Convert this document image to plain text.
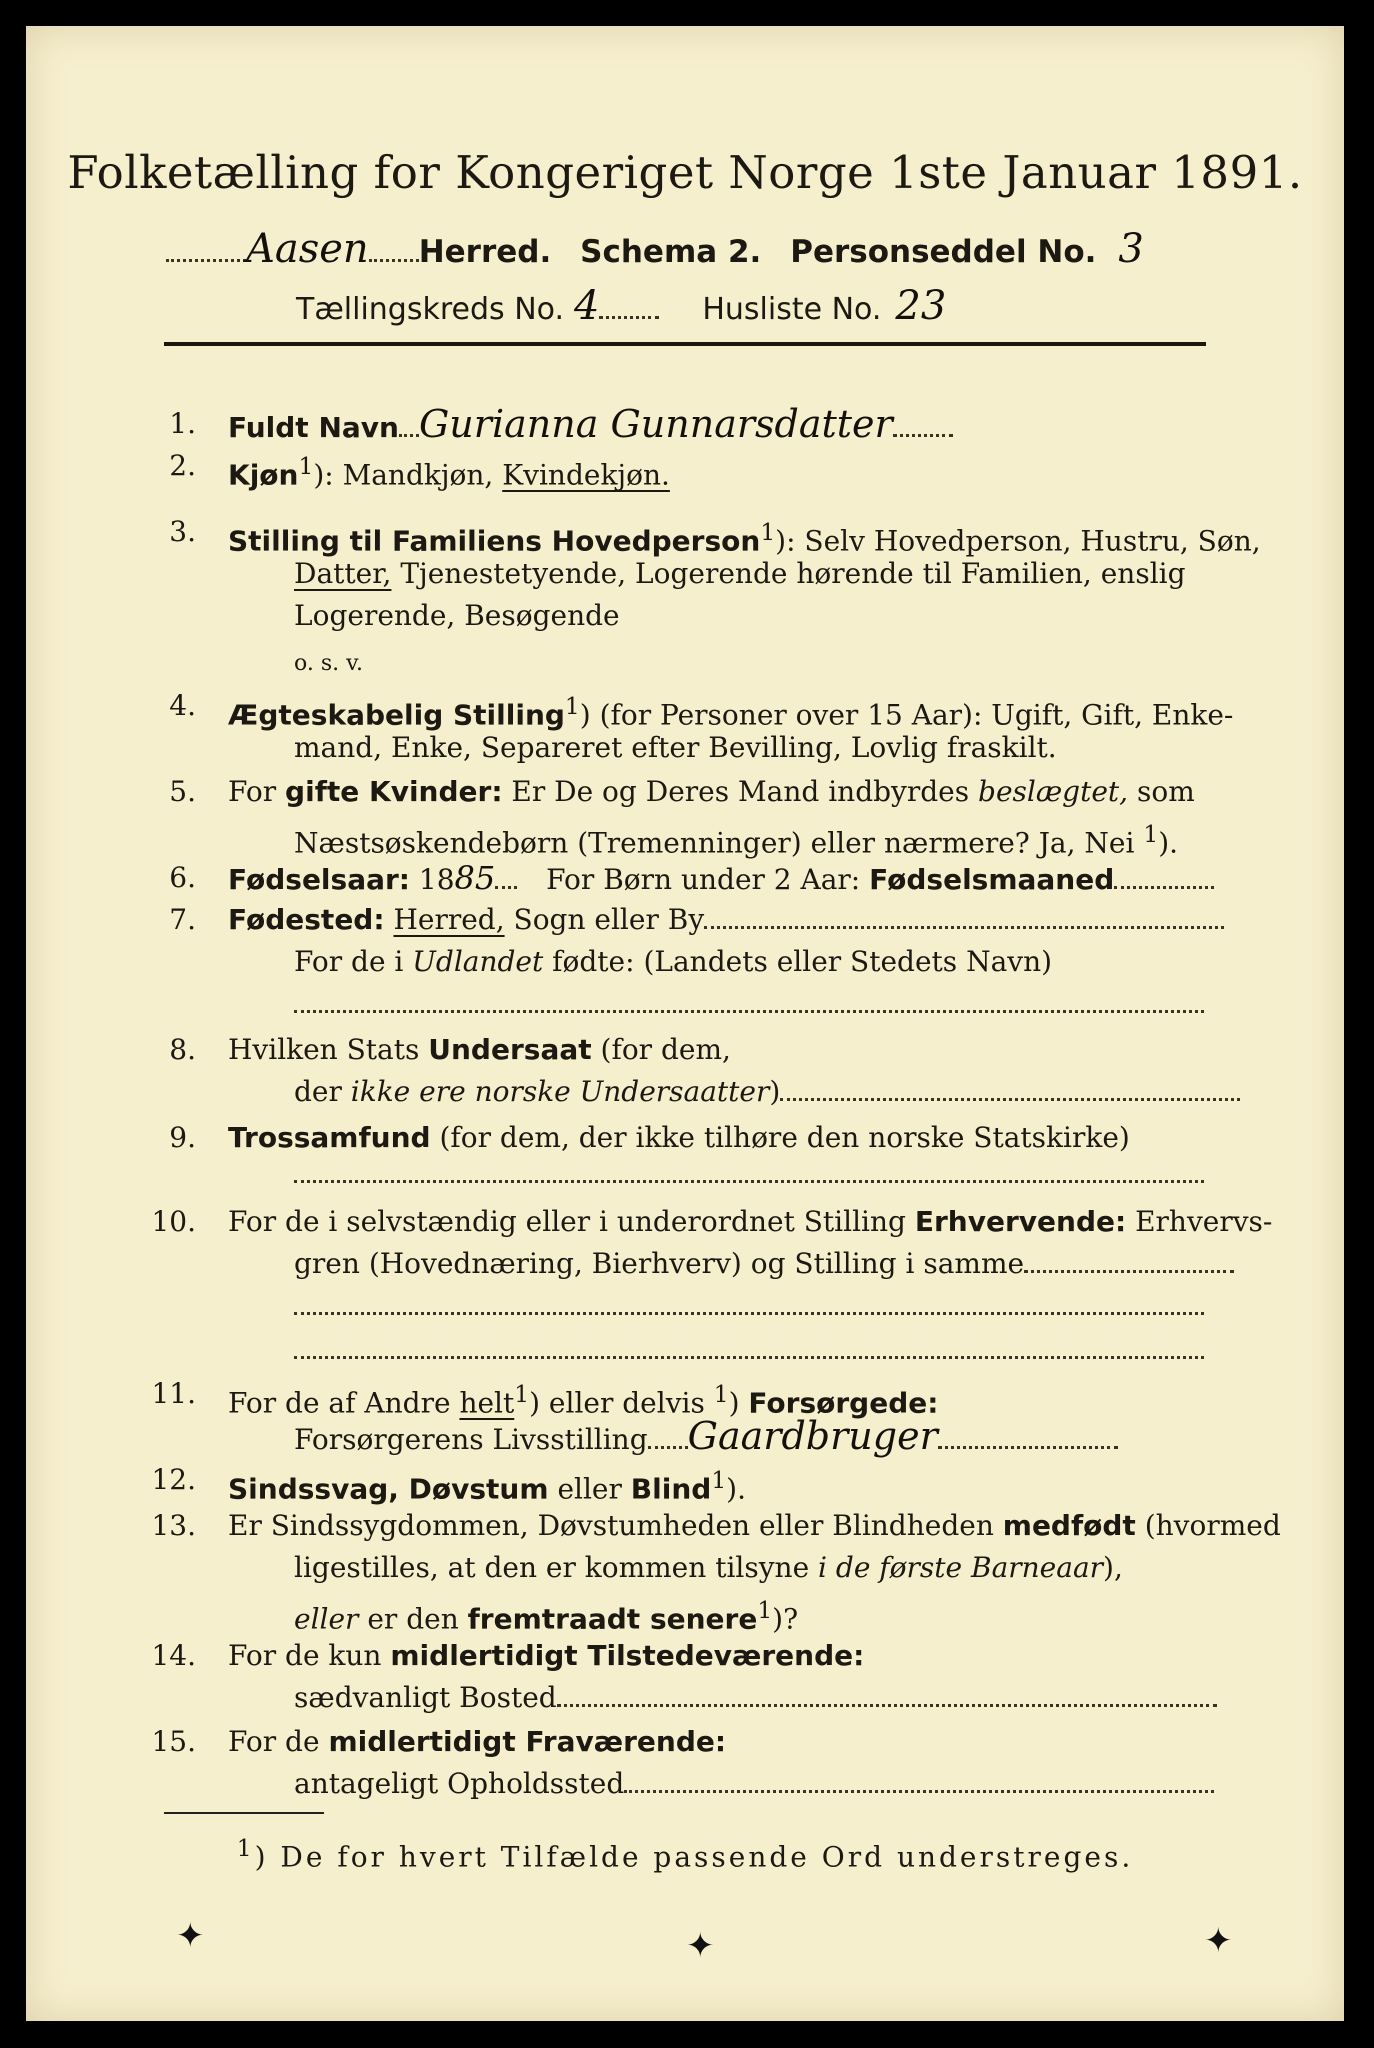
Folketælling for Kongeriget Norge 1ste Januar 1891.
Aasen Herred. Schema 2. Personseddel No. 3
Tællingskreds No. 4	Husliste No. 23
1. Fuldt Navn Gurianna Gunnarsdatter
2. Kjøn$^1$): Mandkjøn, Kvindekjøn.
3. Stilling til Familiens Hovedperson$^1$): Selv Hovedperson, Hustru, Søn,
Datter, Tjenestetyende, Logerende hørende til Familien, enslig
Logerende, Besøgende
o. s. v.
4. Ægteskabelig Stilling$^1$) (for Personer over 15 Aar): Ugift, Gift, Enke-
mand, Enke, Separeret efter Bevilling, Lovlig fraskilt.
5. For gifte Kvinder: Er De og Deres Mand indbyrdes beslægtet, som
Næstsøskendebørn (Tremenninger) eller nærmere? Ja, Nei $^1$).
6. Fødselsaar: 1885 For Børn under 2 Aar: Fødselsmaaned
7. Fødested: Herred, Sogn eller By
For de i Udlandet fødte: (Landets eller Stedets Navn)
8. Hvilken Stats Undersaat (for dem,
der ikke ere norske Undersaatter)
9. Trossamfund (for dem, der ikke tilhøre den norske Statskirke)
10. For de i selvstændig eller i underordnet Stilling Erhvervende: Erhvervs-
gren (Hovednæring, Bierhverv) og Stilling i samme
11. For de af Andre helt$^1$) eller delvis $^1$) Forsørgede:
Forsørgerens Livsstilling Gaardbruger
12. Sindssvag, Døvstum eller Blind$^1$).
13. Er Sindssygdommen, Døvstumheden eller Blindheden medfødt (hvormed
ligestilles, at den er kommen tilsyne i de første Barneaar),
eller er den fremtraadt senere$^1$)?
14. For de kun midlertidigt Tilstedeværende:
sædvanligt Bosted
15. For de midlertidigt Fraværende:
antageligt Opholdssted
$^1$) De for hvert Tilfælde passende Ord understreges.
✦	✦	✦
